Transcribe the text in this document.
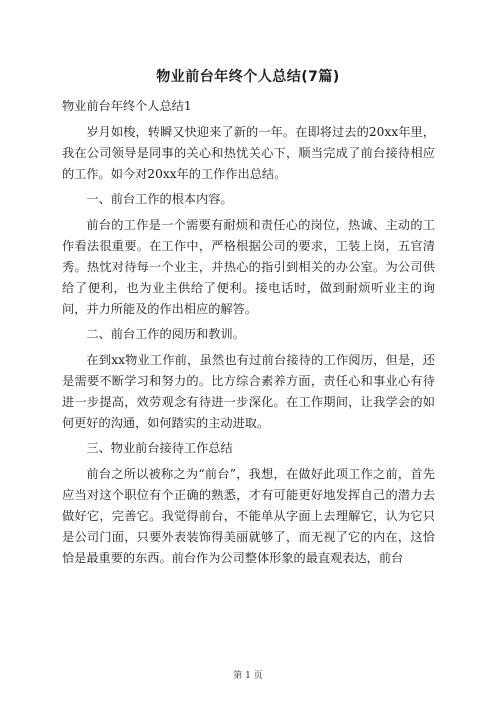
物业前台年终个人总结(7篇)

物业前台年终个人总结1

岁月如梭，转瞬又快迎来了新的一年。在即将过去的20xx年里，我在公司领导是同事的关心和热忧关心下，顺当完成了前台接待相应的工作。如今对20xx年的工作作出总结。

一、前台工作的根本内容。

前台的工作是一个需要有耐烦和责任心的岗位，热诚、主动的工作看法很重要。在工作中，严格根据公司的要求，工装上岗，五官清秀。热忱对待每一个业主，并热心的指引到相关的办公室。为公司供给了便利，也为业主供给了便利。接电话时，做到耐烦听业主的询问，并力所能及的作出相应的解答。

二、前台工作的阅历和教训。

在到xx物业工作前，虽然也有过前台接待的工作阅历，但是，还是需要不断学习和努力的。比方综合素养方面，责任心和事业心有待进一步提高，效劳观念有待进一步深化。在工作期间，让我学会的如何更好的沟通，如何踏实的主动进取。

三、物业前台接待工作总结

前台之所以被称之为“前台”，我想，在做好此项工作之前，首先应当对这个职位有个正确的熟悉，才有可能更好地发挥自己的潜力去做好它，完善它。我觉得前台，不能单从字面上去理解它，认为它只是公司门面，只要外表装饰得美丽就够了，而无视了它的内在，这恰恰是最重要的东西。前台作为公司整体形象的最直观表达，前台

第 1 页
